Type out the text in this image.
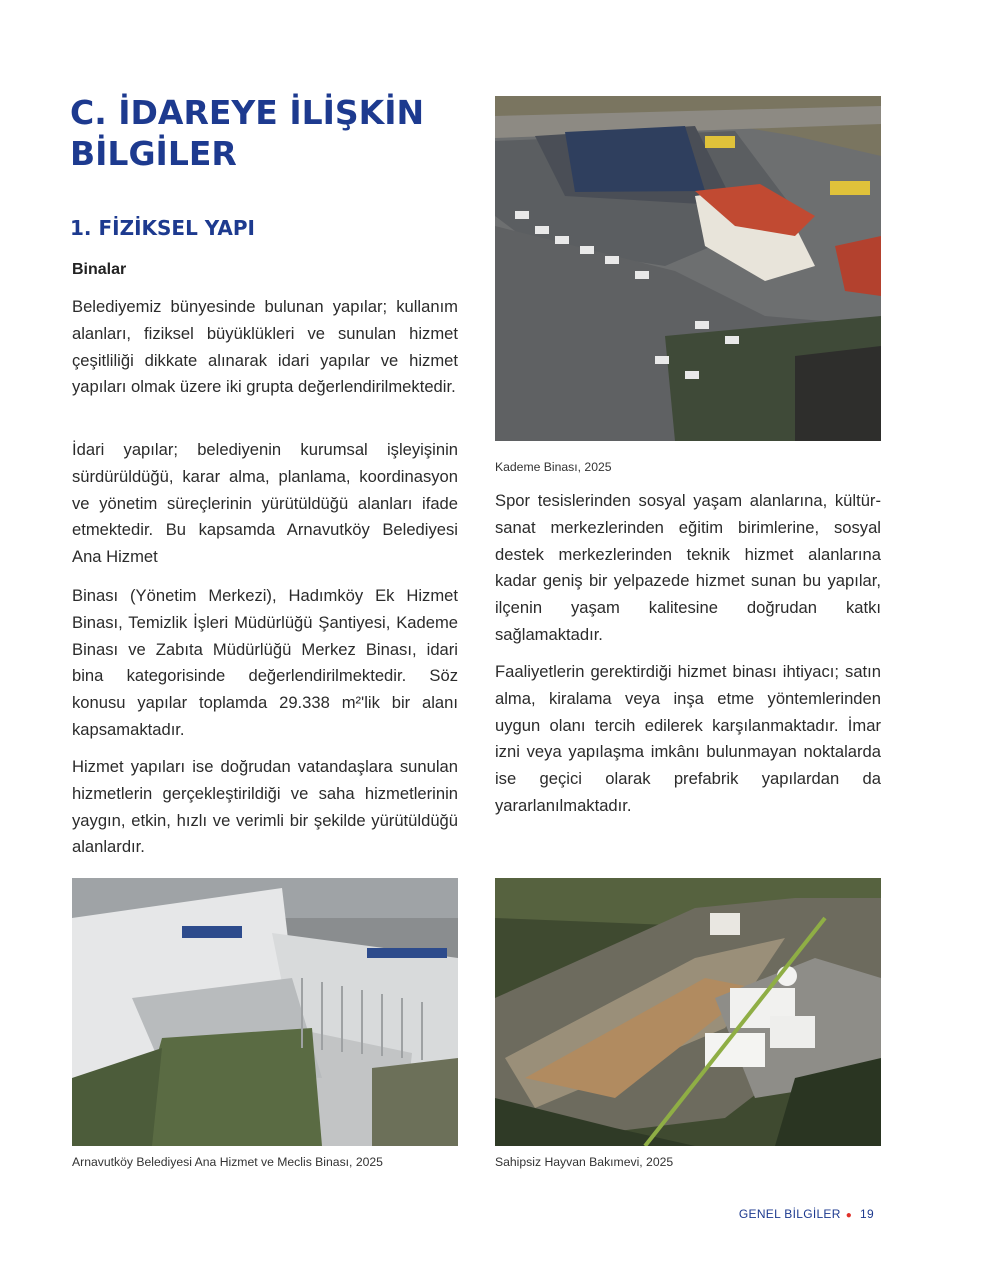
C. İDAREYE İLİŞKİN BİLGİLER
1. FİZİKSEL YAPI
Binalar

Belediyemiz bünyesinde bulunan yapılar; kullanım alanları, fiziksel büyüklükleri ve sunulan hizmet çeşitliliği dikkate alınarak idari yapılar ve hizmet yapıları olmak üzere iki grupta değerlendirilmektedir.

İdari yapılar; belediyenin kurumsal işleyişinin sürdürüldüğü, karar alma, planlama, koordinasyon ve yönetim süreçlerinin yürütüldüğü alanları ifade etmektedir. Bu kapsamda Arnavutköy Belediyesi Ana Hizmet

Binası (Yönetim Merkezi), Hadımköy Ek Hizmet Binası, Temizlik İşleri Müdürlüğü Şantiyesi, Kademe Binası ve Zabıta Müdürlüğü Merkez Binası, idari bina kategorisinde değerlendirilmektedir. Söz konusu yapılar toplamda 29.338 m²'lik bir alanı kapsamaktadır.

Hizmet yapıları ise doğrudan vatandaşlara sunulan hizmetlerin gerçekleştirildiği ve saha hizmetlerinin yaygın, etkin, hızlı ve verimli bir şekilde yürütüldüğü alanlardır.

Kademe Binası, 2025

Spor tesislerinden sosyal yaşam alanlarına, kültür-sanat merkezlerinden eğitim birimlerine, sosyal destek merkezlerinden teknik hizmet alanlarına kadar geniş bir yelpazede hizmet sunan bu yapılar, ilçenin yaşam kalitesine doğrudan katkı sağlamaktadır.

Faaliyetlerin gerektirdiği hizmet binası ihtiyacı; satın alma, kiralama veya inşa etme yöntemlerinden uygun olanı tercih edilerek karşılanmaktadır. İmar izni veya yapılaşma imkânı bulunmayan noktalarda ise geçici olarak prefabrik yapılardan da yararlanılmaktadır.

Arnavutköy Belediyesi Ana Hizmet ve Meclis Binası, 2025	Sahipsiz Hayvan Bakımevi, 2025

GENEL BİLGİLER ● 19
